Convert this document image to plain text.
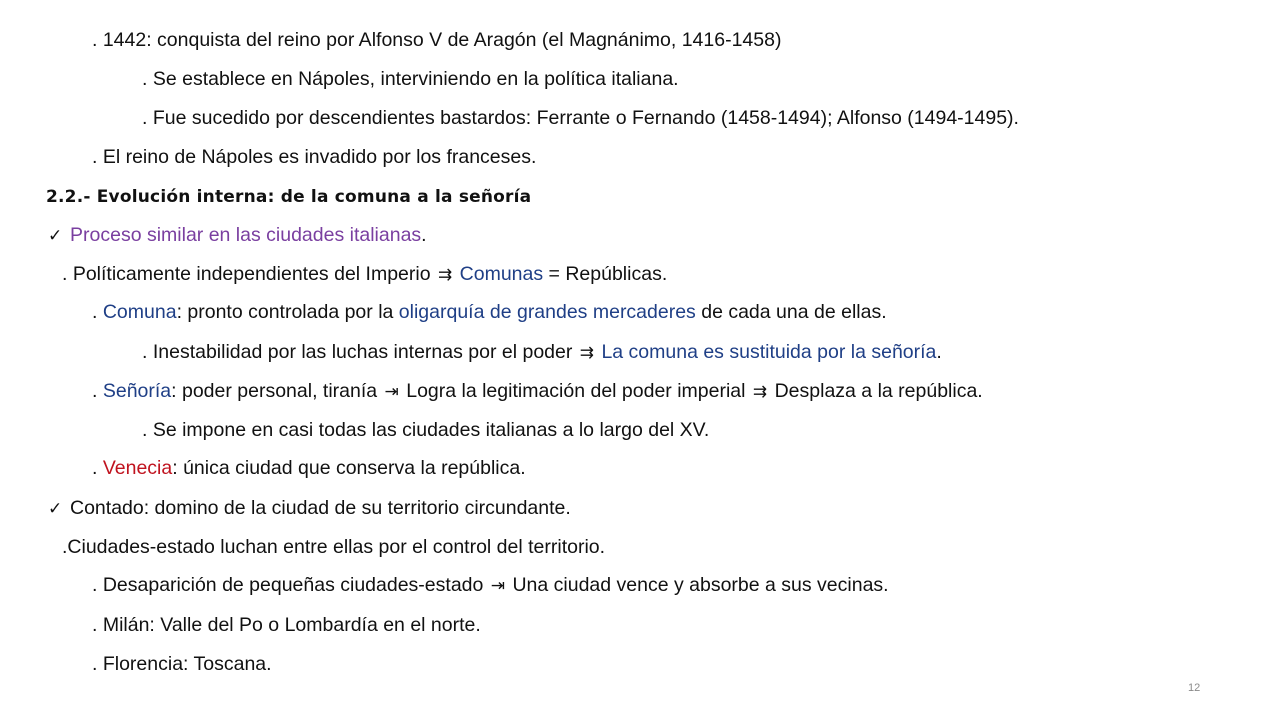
. 1442: conquista del reino por Alfonso V de Aragón (el Magnánimo, 1416-1458)
. Se establece en Nápoles, interviniendo en la política italiana.
. Fue sucedido por descendientes bastardos: Ferrante o Fernando (1458-1494); Alfonso (1494-1495).
. El reino de Nápoles es invadido por los franceses.
2.2.- Evolución interna: de la comuna a la señoría
✓ Proceso similar en las ciudades italianas.
. Políticamente independientes del Imperio ⇉ Comunas = Repúblicas.
. Comuna: pronto controlada por la oligarquía de grandes mercaderes de cada una de ellas.
. Inestabilidad por las luchas internas por el poder ⇉ La comuna es sustituida por la señoría.
. Señoría: poder personal, tiranía ⇥ Logra la legitimación del poder imperial ⇉ Desplaza a la república.
. Se impone en casi todas las ciudades italianas a lo largo del XV.
. Venecia: única ciudad que conserva la república.
✓ Contado: domino de la ciudad de su territorio circundante.
.Ciudades-estado luchan entre ellas por el control del territorio.
. Desaparición de pequeñas ciudades-estado ⇥ Una ciudad vence y absorbe a sus vecinas.
. Milán: Valle del Po o Lombardía en el norte.
. Florencia: Toscana.
12
